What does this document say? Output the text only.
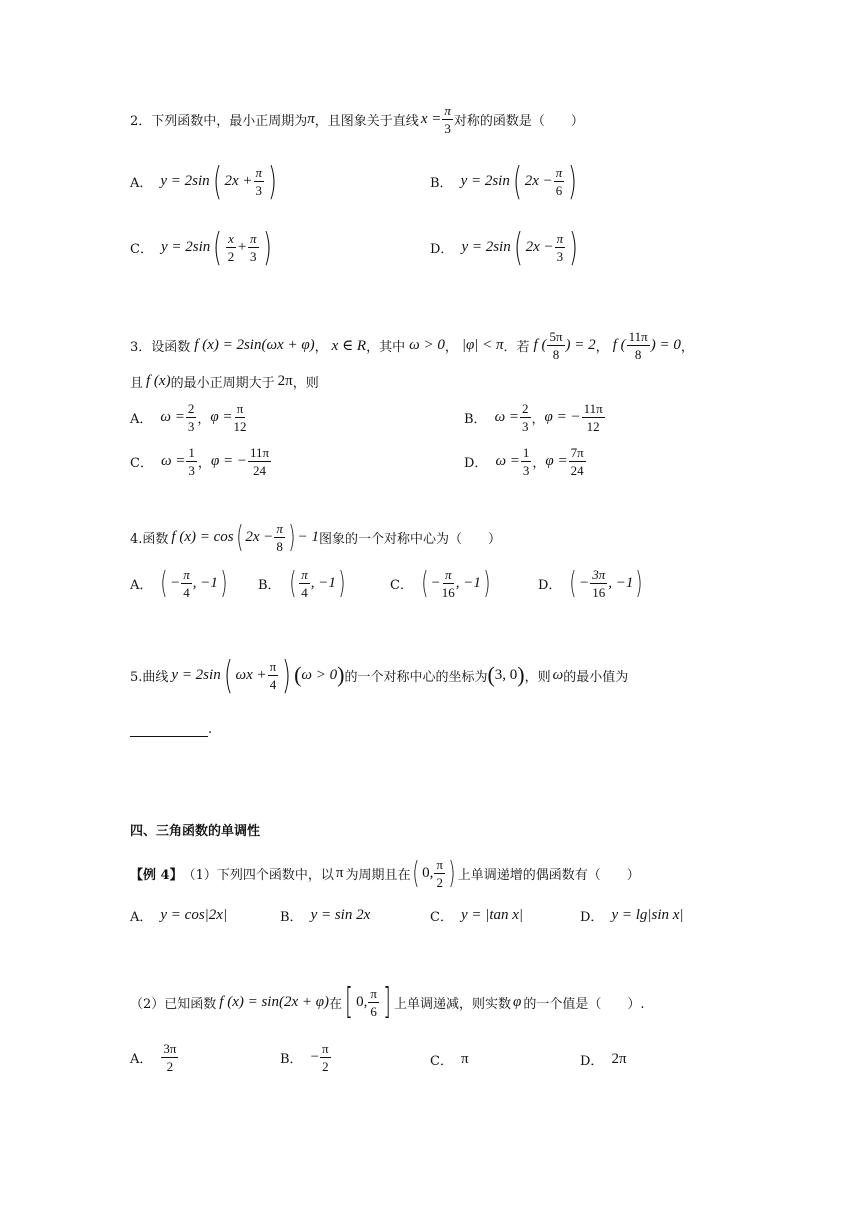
2．下列函数中，最小正周期为 π ，且图象关于直线 $x = \frac{\pi}{3}$ 对称的函数是（　　）
A． y = 2sin ( $2x + \frac{\pi}{3}$ )	B． y = 2sin ( $2x - \frac{\pi}{6}$ )
C． y = 2sin ( $\frac{x}{2} + \frac{\pi}{3}$ )	D． y = 2sin ( $2x - \frac{\pi}{3}$ )
3．设函数 f (x) = 2sin(ωx + φ) ， x ∈ R ，其中 ω > 0 ， |φ| < π ．若 f ( $\frac{5\pi}{8}$ ) = 2 ， f ( $\frac{11\pi}{8}$ ) = 0 ，
且 f (x) 的最小正周期大于 2π ，则
A． $\omega = \frac{2}{3}$ ， $\varphi = \frac{\pi}{12}$	B． $\omega = \frac{2}{3}$ ， φ = − $\frac{11\pi}{12}$
C． $\omega = \frac{1}{3}$ ， φ = − $\frac{11\pi}{24}$	D． $\omega = \frac{1}{3}$ ， $\varphi = \frac{7\pi}{24}$
4.函数 f (x) = cos ( $2x - \frac{\pi}{8}$ ) − 1 图象的一个对称中心为（　　）
A． ( − $\frac{\pi}{4}$ , −1 ) B． ( $\frac{\pi}{4}$ , −1 )	C． ( − $\frac{\pi}{16}$ , −1 )	D． ( − $\frac{3\pi}{16}$ , −1 )
5.曲线 y = 2sin ( $\omega x + \frac{\pi}{4}$ ) ( ω > 0 ) 的一个对称中心的坐标为 ( 3, 0 ) ，则 ω 的最小值为
.
四、三角函数的单调性
【例 4】 （1）下列四个函数中，以 π 为周期且在 ( 0, $\frac{\pi}{2}$ ) 上单调递增的偶函数有（　　）
A． y = cos|2x|	B． y = sin 2x	C． y = |tan x|	D． y = lg|sin x|
（2）已知函数 f (x) = sin(2x + φ) 在 [ 0, $\frac{\pi}{6}$ ] 上单调递减，则实数 φ 的一个值是（　　）.
A． $\frac{3\pi}{2}$	B． − $\frac{\pi}{2}$	C． π	D． 2π
